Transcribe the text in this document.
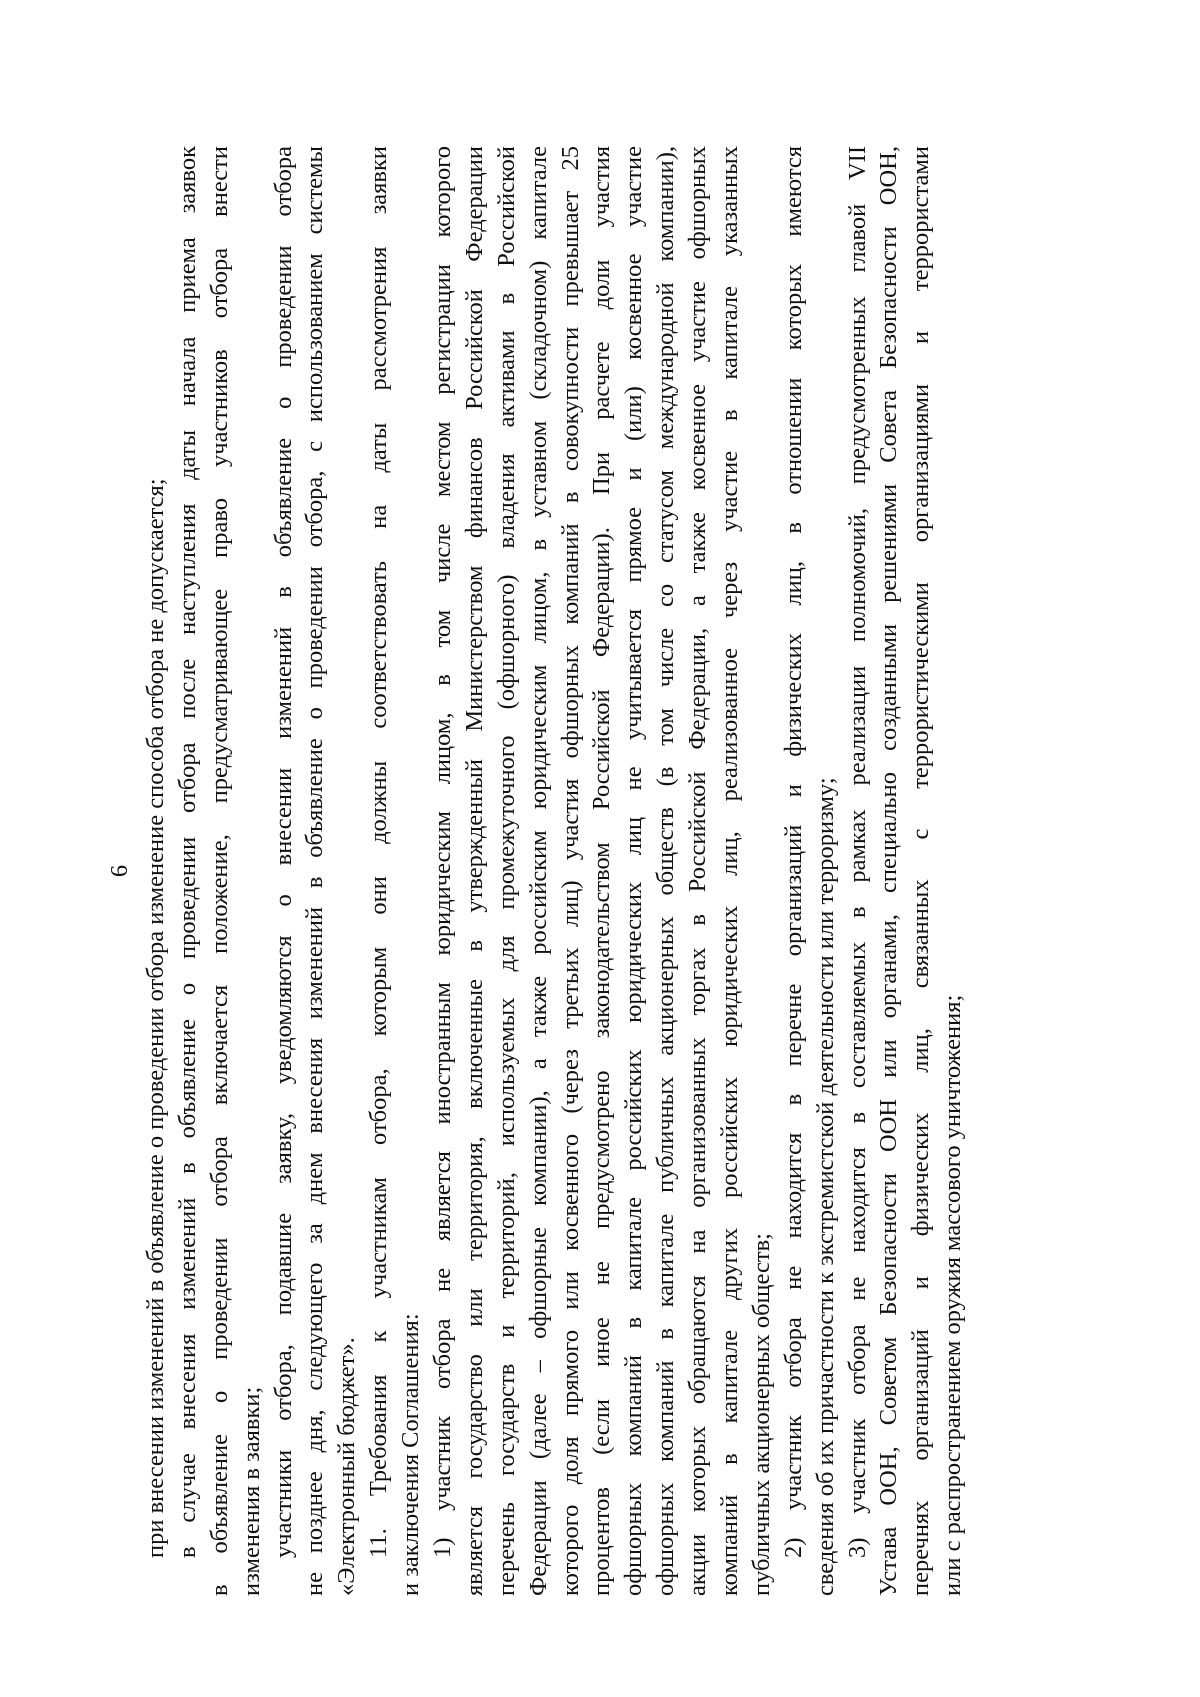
6 при внесении изменений в объявление о проведении отбора изменение способа отбора не допускается; в случае внесения изменений в объявление о проведении отбора после наступления даты начала приема заявок в объявление о проведении отбора включается положение, предусматривающее право участников отбора внести изменения в заявки; участники отбора, подавшие заявку, уведомляются о внесении изменений в объявление о проведении отбора не позднее дня, следующего за днем внесения изменений в объявление о проведении отбора, с использованием системы «Электронный бюджет». 11. Требования к участникам отбора, которым они должны соответствовать на даты рассмотрения заявки и заключения Соглашения: 1) участник отбора не является иностранным юридическим лицом, в том числе местом регистрации которого является государство или территория, включенные в утвержденный Министерством финансов Российской Федерации перечень государств и территорий, используемых для промежуточного (офшорного) владения активами в Российской Федерации (далее – офшорные компании), а также российским юридическим лицом, в уставном (складочном) капитале которого доля прямого или косвенного (через третьих лиц) участия офшорных компаний в совокупности превышает 25 процентов (если иное не предусмотрено законодательством Российской Федерации). При расчете доли участия офшорных компаний в капитале российских юридических лиц не учитывается прямое и (или) косвенное участие офшорных компаний в капитале публичных акционерных обществ (в том числе со статусом международной компании), акции которых обращаются на организованных торгах в Российской Федерации, а также косвенное участие офшорных компаний в капитале других российских юридических лиц, реализованное через участие в капитале указанных публичных акционерных обществ; 2) участник отбора не находится в перечне организаций и физических лиц, в отношении которых имеются сведения об их причастности к экстремистской деятельности или терроризму; 3) участник отбора не находится в составляемых в рамках реализации полномочий, предусмотренных главой VII Устава ООН, Советом Безопасности ООН или органами, специально созданными решениями Совета Безопасности ООН, перечнях организаций и физических лиц, связанных с террористическими организациями и террористами или с распространением оружия массового уничтожения;
